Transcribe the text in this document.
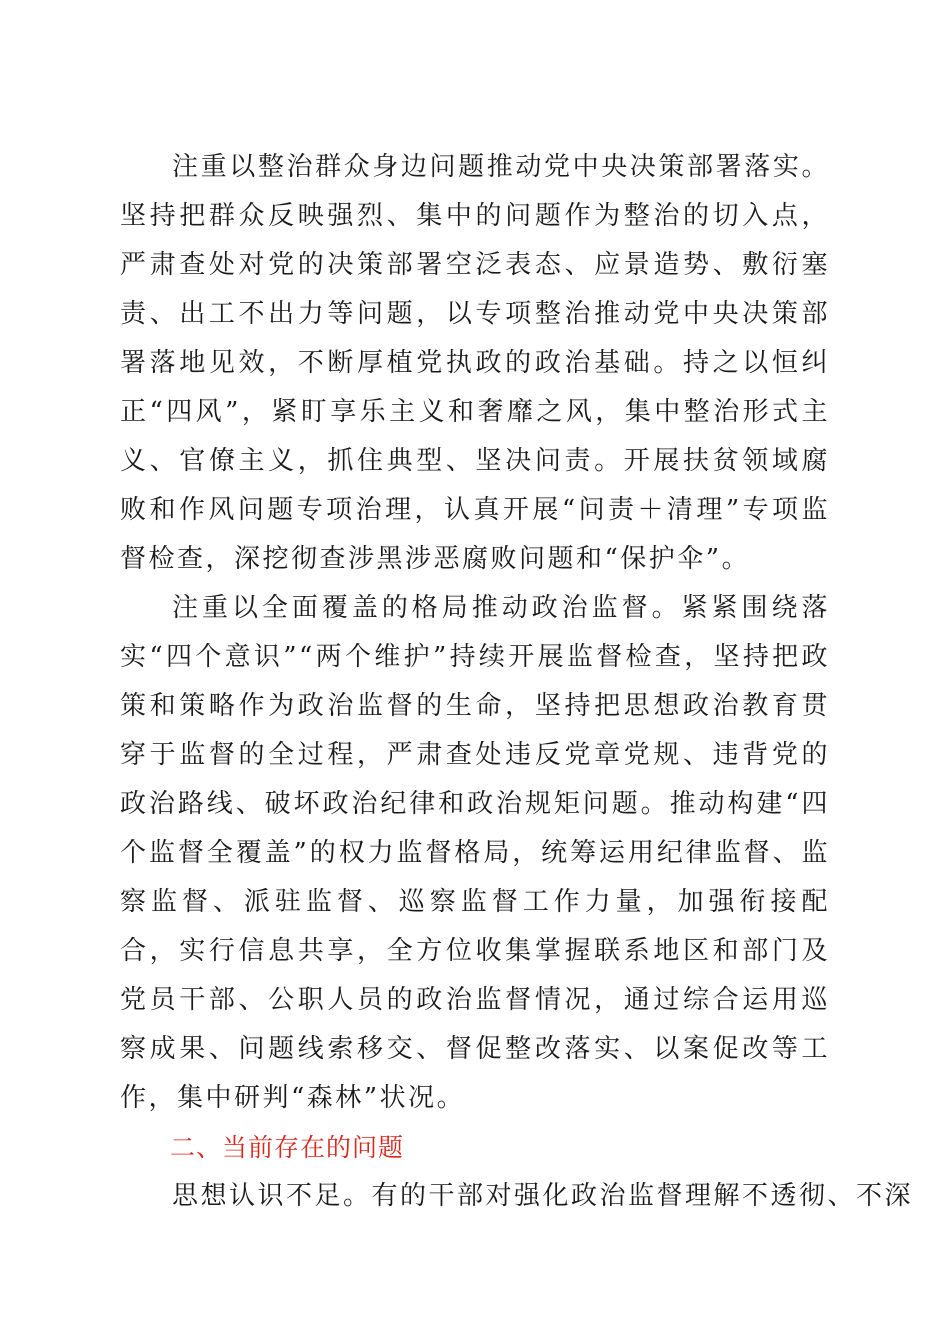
注重以整治群众身边问题推动党中央决策部署落实。坚持把群众反映强烈、集中的问题作为整治的切入点，严肃查处对党的决策部署空泛表态、应景造势、敷衍塞责、出工不出力等问题，以专项整治推动党中央决策部署落地见效，不断厚植党执政的政治基础。持之以恒纠正“四风”，紧盯享乐主义和奢靡之风，集中整治形式主义、官僚主义，抓住典型、坚决问责。开展扶贫领域腐败和作风问题专项治理，认真开展“问责＋清理”专项监督检查，深挖彻查涉黑涉恶腐败问题和“保护伞”。

注重以全面覆盖的格局推动政治监督。紧紧围绕落实“四个意识”“两个维护”持续开展监督检查，坚持把政策和策略作为政治监督的生命，坚持把思想政治教育贯穿于监督的全过程，严肃查处违反党章党规、违背党的政治路线、破坏政治纪律和政治规矩问题。推动构建“四个监督全覆盖”的权力监督格局，统筹运用纪律监督、监察监督、派驻监督、巡察监督工作力量，加强衔接配合，实行信息共享，全方位收集掌握联系地区和部门及党员干部、公职人员的政治监督情况，通过综合运用巡察成果、问题线索移交、督促整改落实、以案促改等工作，集中研判“森林”状况。

二、当前存在的问题

思想认识不足。有的干部对强化政治监督理解不透彻、不深
